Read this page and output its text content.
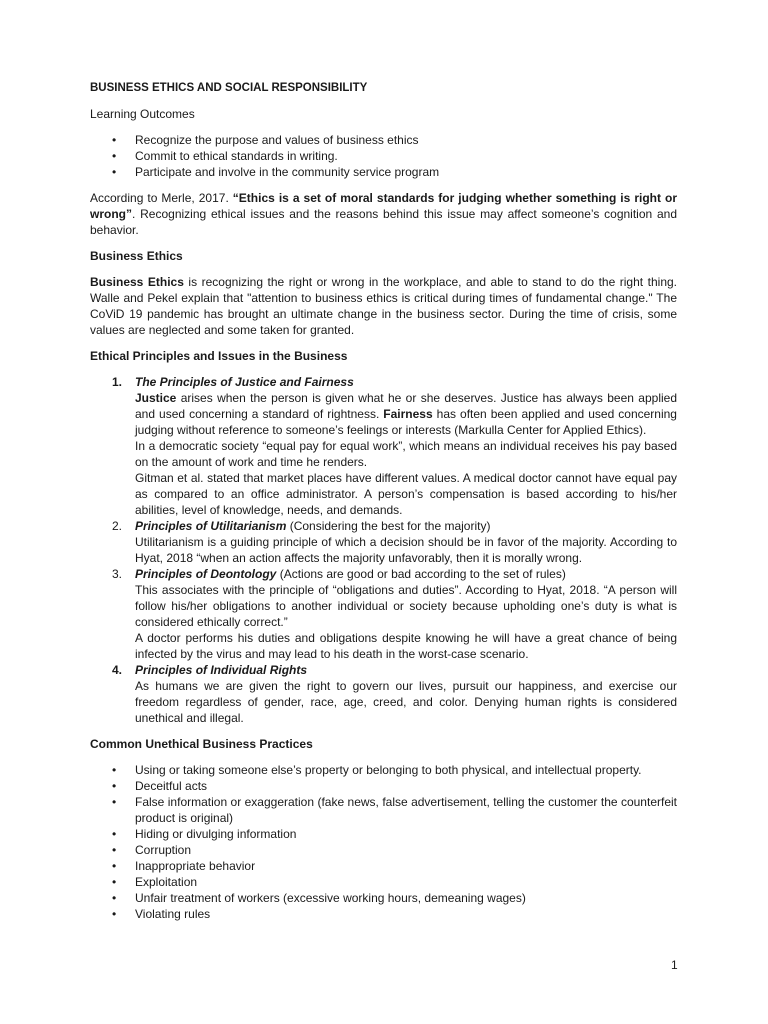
BUSINESS ETHICS AND SOCIAL RESPONSIBILITY

Learning Outcomes

• Recognize the purpose and values of business ethics
• Commit to ethical standards in writing.
• Participate and involve in the community service program

According to Merle, 2017. “Ethics is a set of moral standards for judging whether something is right or wrong”. Recognizing ethical issues and the reasons behind this issue may affect someone’s cognition and behavior.

Business Ethics

Business Ethics is recognizing the right or wrong in the workplace, and able to stand to do the right thing. Walle and Pekel explain that "attention to business ethics is critical during times of fundamental change." The CoViD 19 pandemic has brought an ultimate change in the business sector. During the time of crisis, some values are neglected and some taken for granted.

Ethical Principles and Issues in the Business
1. The Principles of Justice and Fairness
Justice arises when the person is given what he or she deserves. Justice has always been applied and used concerning a standard of rightness. Fairness has often been applied and used concerning judging without reference to someone’s feelings or interests (Markulla Center for Applied Ethics).
In a democratic society “equal pay for equal work”, which means an individual receives his pay based on the amount of work and time he renders.
Gitman et al. stated that market places have different values. A medical doctor cannot have equal pay as compared to an office administrator. A person’s compensation is based according to his/her abilities, level of knowledge, needs, and demands.
2. Principles of Utilitarianism (Considering the best for the majority)
Utilitarianism is a guiding principle of which a decision should be in favor of the majority. According to Hyat, 2018 “when an action affects the majority unfavorably, then it is morally wrong.
3. Principles of Deontology (Actions are good or bad according to the set of rules)
This associates with the principle of “obligations and duties”. According to Hyat, 2018. “A person will follow his/her obligations to another individual or society because upholding one’s duty is what is considered ethically correct.”
A doctor performs his duties and obligations despite knowing he will have a great chance of being infected by the virus and may lead to his death in the worst-case scenario.
4. Principles of Individual Rights
As humans we are given the right to govern our lives, pursuit our happiness, and exercise our freedom regardless of gender, race, age, creed, and color. Denying human rights is considered unethical and illegal.
Common Unethical Business Practices
• Using or taking someone else’s property or belonging to both physical, and intellectual property.
• Deceitful acts
• False information or exaggeration (fake news, false advertisement, telling the customer the counterfeit product is original)
• Hiding or divulging information
• Corruption
• Inappropriate behavior
• Exploitation
• Unfair treatment of workers (excessive working hours, demeaning wages)
• Violating rules
1
